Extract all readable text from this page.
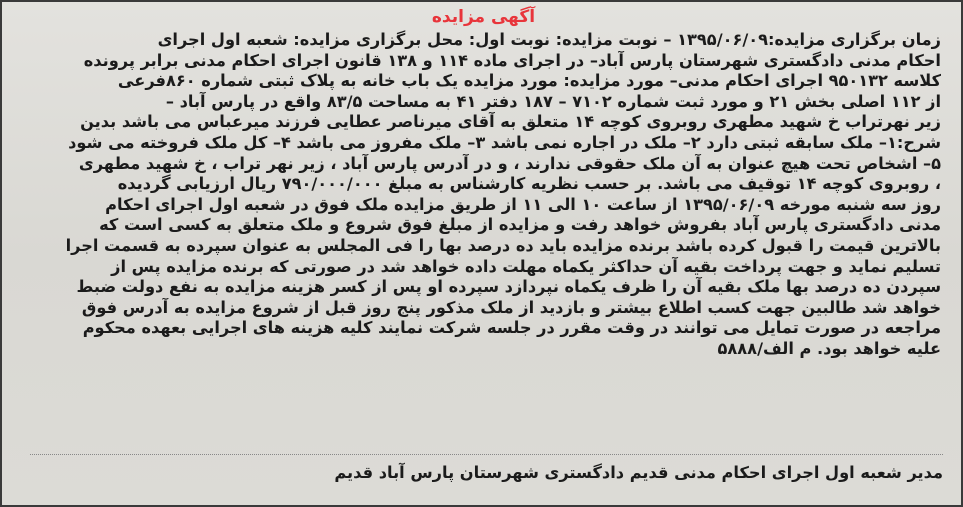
آگهی مزایده
زمان برگزاری مزایده:۱۳۹۵/۰۶/۰۹ – نوبت مزایده: نوبت اول: محل برگزاری مزایده: شعبه اول اجرای
احکام مدنی دادگستری شهرستان پارس آباد– در اجرای ماده ۱۱۴ و ۱۳۸ قانون اجرای احکام مدنی برابر پرونده
کلاسه ۹۵۰۱۳۲ اجرای احکام مدنی– مورد مزایده: مورد مزایده یک باب خانه به پلاک ثبتی شماره ۸۶۰فرعی
از ۱۱۲ اصلی بخش ۲۱ و مورد ثبت شماره ۷۱۰۲ – ۱۸۷ دفتر ۴۱ به مساحت ۸۳/۵ واقع در پارس آباد –
زیر نهرتراب خ شهید مطهری روبروی کوچه ۱۴ متعلق به آقای میرناصر عطایی فرزند میرعباس می باشد بدین
شرح:۱– ملک سابقه ثبتی دارد ۲– ملک در اجاره نمی باشد ۳– ملک مفروز می باشد ۴– کل ملک فروخته می شود
۵– اشخاص تحت هیچ عنوان به آن ملک حقوقی ندارند ، و در آدرس پارس آباد ، زیر نهر تراب ، خ شهید مطهری
، روبروی کوچه ۱۴ توقیف می باشد. بر حسب نظریه کارشناس به مبلغ ۷۹۰/۰۰۰/۰۰۰ ریال ارزیابی گردیده
روز سه شنبه مورخه ۱۳۹۵/۰۶/۰۹ از ساعت ۱۰ الی ۱۱ از طریق مزایده ملک فوق در شعبه اول اجرای احکام
مدنی دادگستری پارس آباد بفروش خواهد رفت و مزایده از مبلغ فوق شروع و ملک متعلق به کسی است که
بالاترین قیمت را قبول کرده باشد برنده مزایده باید ده درصد بها را فی المجلس به عنوان سپرده به قسمت اجرا
تسلیم نماید و جهت پرداخت بقیه آن حداکثر یکماه مهلت داده خواهد شد در صورتی که برنده مزایده پس از
سپردن ده درصد بها ملک بقیه آن را ظرف یکماه نپردازد سپرده او پس از کسر هزینه مزایده به نفع دولت ضبط
خواهد شد طالبین جهت کسب اطلاع بیشتر و بازدید از ملک مذکور پنج روز قبل از شروع مزایده به آدرس فوق
مراجعه در صورت تمایل می توانند در وقت مقرر در جلسه شرکت نمایند کلیه هزینه های اجرایی بعهده محکوم
علیه خواهد بود. م الف/۵۸۸۸
مدیر شعبه اول اجرای احکام مدنی قدیم دادگستری شهرستان پارس آباد قدیم
